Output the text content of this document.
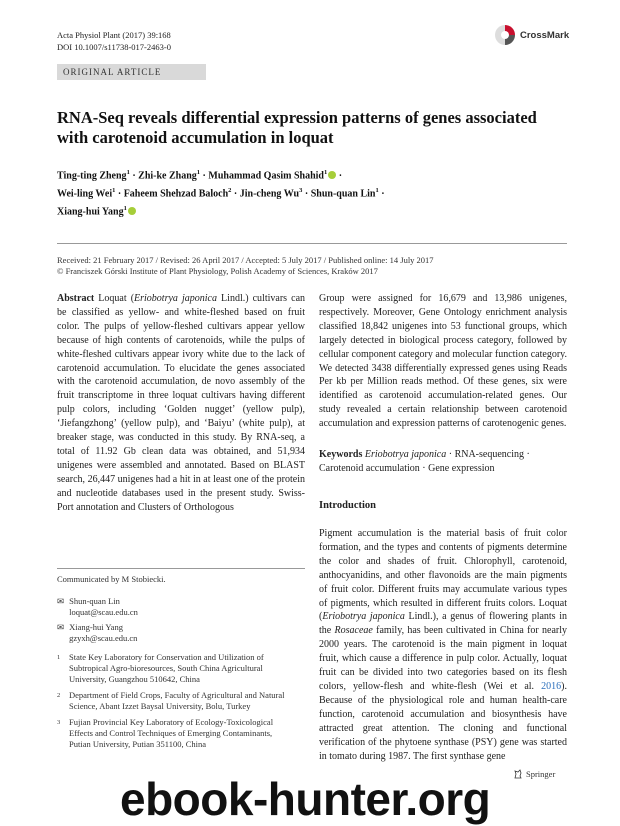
Acta Physiol Plant (2017) 39:168
DOI 10.1007/s11738-017-2463-0
CrossMark
ORIGINAL ARTICLE
RNA-Seq reveals differential expression patterns of genes associated with carotenoid accumulation in loquat
Ting-ting Zheng$^1$ · Zhi-ke Zhang$^1$ · Muhammad Qasim Shahid$^1$ ·
Wei-ling Wei$^1$ · Faheem Shehzad Baloch$^2$ · Jin-cheng $Wu^3$ · Shun-quan Lin$^1$ ·
Xiang-hui Yang$^1$
Received: 21 February 2017 / Revised: 26 April 2017 / Accepted: 5 July 2017 / Published online: 14 July 2017
© Franciszek Górski Institute of Plant Physiology, Polish Academy of Sciences, Kraków 2017
Abstract Loquat (Eriobotrya japonica Lindl.) cultivars can be classified as yellow- and white-fleshed based on fruit color. The pulps of yellow-fleshed cultivars appear yellow because of high contents of carotenoids, while the pulps of white-fleshed cultivars appear ivory white due to the lack of carotenoid accumulation. To elucidate the genes associated with the carotenoid accumulation, de novo assembly of the fruit transcriptome in three loquat cultivars having different pulp colors, including ‘Golden nugget’ (yellow pulp), ‘Jiefangzhong’ (yellow pulp), and ‘Baiyu’ (white pulp), at breaker stage, was conducted in this study. By RNA-seq, a total of 11.92 Gb clean data was obtained, and 51,934 unigenes were assembled and annotated. Based on BLAST search, 26,447 unigenes had a hit in at least one of the protein and nucleotide databases used in the present study. Swiss-Port annotation and Clusters of Orthologous
Group were assigned for 16,679 and 13,986 unigenes, respectively. Moreover, Gene Ontology enrichment analysis classified 18,842 unigenes into 53 functional groups, which largely detected in biological process category, followed by cellular component category and molecular function category. We detected 3438 differentially expressed genes using Reads Per kb per Million reads method. Of these genes, six were identified as carotenoid accumulation-related genes. Our study revealed a certain relationship between carotenoid accumulation and expression patterns of carotenogenic genes.
Keywords Eriobotrya japonica · RNA-sequencing · Carotenoid accumulation · Gene expression
Introduction
Pigment accumulation is the material basis of fruit color formation, and the types and contents of pigments determine the color and shades of fruit. Chlorophyll, carotenoid, anthocyanidins, and other flavonoids are the main pigments of fruit color. Different fruits may accumulate various types of pigments, which resulted in different fruits colors. Loquat (Eriobotrya japonica Lindl.), a genus of flowering plants in the Rosaceae family, has been cultivated in China for nearly 2000 years. The carotenoid is the main pigment in loquat fruit, which cause a difference in pulp color. Actually, loquat fruit can be divided into two categories based on its flesh colors, yellow-flesh and white-flesh (Wei et al. 2016). Because of the physiological role and human health-care function, carotenoid accumulation and biosynthesis have attracted great attention. The cloning and functional verification of the phytoene synthase (PSY) gene was started in tomato during 1987. The first synthase gene
Communicated by M Stobiecki.
✉ Shun-quan Lin
loquat@scau.edu.cn
✉ Xiang-hui Yang
gzyxh@scau.edu.cn
1 State Key Laboratory for Conservation and Utilization of Subtropical Agro-bioresources, South China Agricultural University, Guangzhou 510642, China
2 Department of Field Crops, Faculty of Agricultural and Natural Science, Abant Izzet Baysal University, Bolu, Turkey
3 Fujian Provincial Key Laboratory of Ecology-Toxicological Effects and Control Techniques of Emerging Contaminants, Putian University, Putian 351100, China
Springer
ebook-hunter.org
